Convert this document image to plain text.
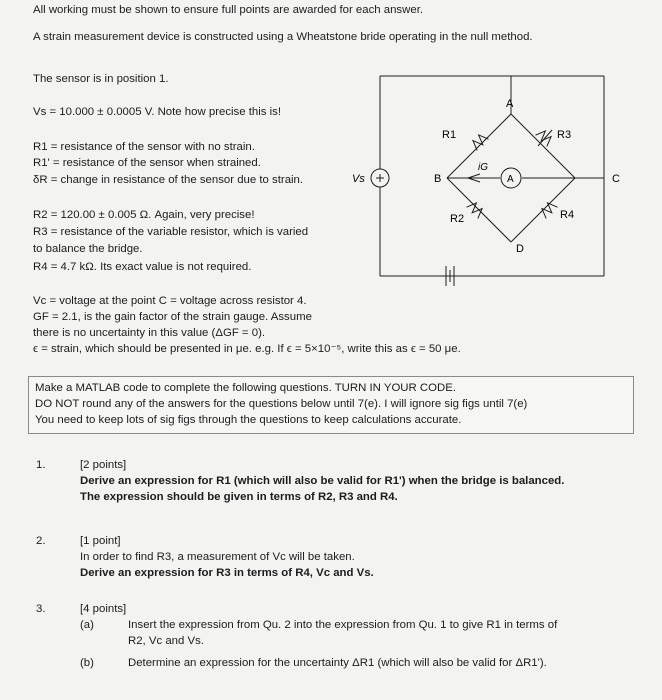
All working must be shown to ensure full points are awarded for each answer.
A strain measurement device is constructed using a Wheatstone bride operating in the null method.
The sensor is in position 1.
Vs = 10.000 ± 0.0005 V. Note how precise this is!
R1 = resistance of the sensor with no strain.
R1' = resistance of the sensor when strained.
δR = change in resistance of the sensor due to strain.
R2 = 120.00 ± 0.005 Ω. Again, very precise!
R3 = resistance of the variable resistor, which is varied
to balance the bridge.
R4 = 4.7 kΩ. Its exact value is not required.
Vc = voltage at the point C = voltage across resistor 4.
GF = 2.1, is the gain factor of the strain gauge. Assume
there is no uncertainty in this value (ΔGF = 0).
ϵ = strain, which should be presented in μe. e.g. If ϵ = 5×10⁻⁵, write this as ϵ = 50 μe.
A
B	C
D
R1	R3
R2	R4
iG
A
Vs
Make a MATLAB code to complete the following questions. TURN IN YOUR CODE.
DO NOT round any of the answers for the questions below until 7(e). I will ignore sig figs until 7(e)
You need to keep lots of sig figs through the questions to keep calculations accurate.
1.	[2 points]
Derive an expression for R1 (which will also be valid for R1') when the bridge is balanced.
The expression should be given in terms of R2, R3 and R4.
2.	[1 point]
In order to find R3, a measurement of Vc will be taken.
Derive an expression for R3 in terms of R4, Vc and Vs.
3.	[4 points]
(a)	Insert the expression from Qu. 2 into the expression from Qu. 1 to give R1 in terms of
R2, Vc and Vs.
(b)	Determine an expression for the uncertainty ΔR1 (which will also be valid for ΔR1').
